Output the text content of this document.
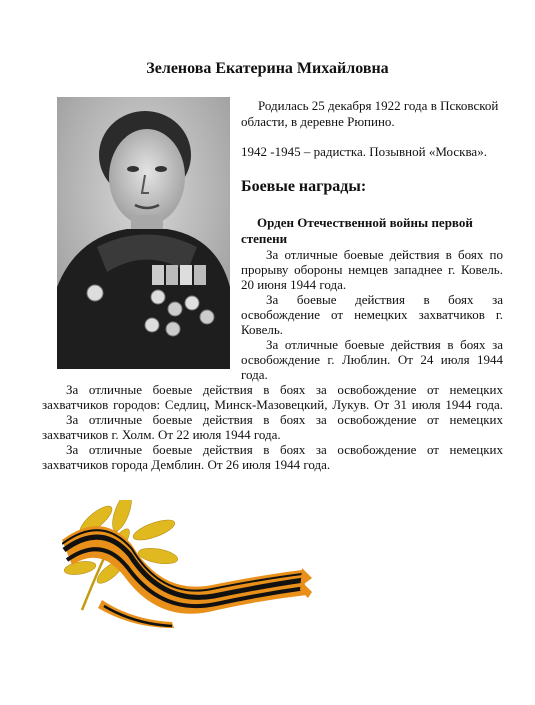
Зеленова Екатерина Михайловна

Родилась 25 декабря 1922 года в Псковской

области, в деревне Рюпино.

1942 -1945 – радистка. Позывной «Москва».

Боевые награды:

Орден Отечественной войны первой

степени

За отличные боевые действия в боях по

прорыву обороны немцев западнее г. Ковель.

20 июня 1944 года.

За боевые действия в боях за

освобождение от немецких захватчиков г.

Ковель.

За отличные боевые действия в боях за

освобождение г. Люблин. От 24 июля 1944

года.

За отличные боевые действия в боях за освобождение от немецких

захватчиков городов: Седлиц, Минск-Мазовецкий, Лукув. От 31 июля 1944 года.

За отличные боевые действия в боях за освобождение от немецких

захватчиков г. Холм. От 22 июля 1944 года.

За отличные боевые действия в боях за освобождение от немецких

захватчиков города Демблин. От 26 июля 1944 года.
